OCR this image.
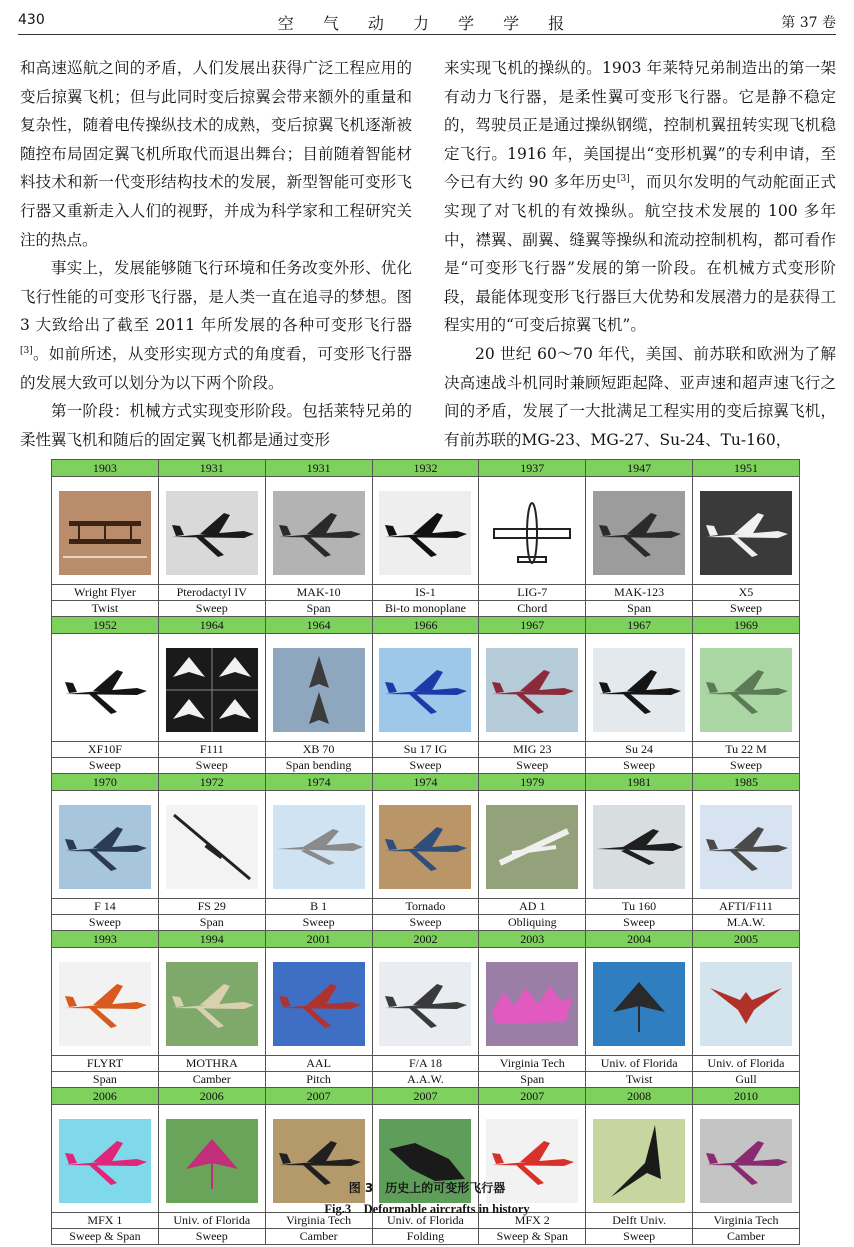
430	空 气 动 力 学 学 报	第 37 卷

和高速巡航之间的矛盾，人们发展出获得广泛工程应用的变后掠翼飞机；但与此同时变后掠翼会带来额外的重量和复杂性，随着电传操纵技术的成熟，变后掠翼飞机逐渐被随控布局固定翼飞机所取代而退出舞台；目前随着智能材料技术和新一代变形结构技术的发展，新型智能可变形飞行器又重新走入人们的视野，并成为科学家和工程研究关注的热点。

事实上，发展能够随飞行环境和任务改变外形、优化飞行性能的可变形飞行器，是人类一直在追寻的梦想。图 3 大致给出了截至 2011 年所发展的各种可变形飞行器[3]。如前所述，从变形实现方式的角度看，可变形飞行器的发展大致可以划分为以下两个阶段。

第一阶段：机械方式实现变形阶段。包括莱特兄弟的柔性翼飞机和随后的固定翼飞机都是通过变形

来实现飞机的操纵的。1903 年莱特兄弟制造出的第一架有动力飞行器，是柔性翼可变形飞行器。它是静不稳定的，驾驶员正是通过操纵钢缆，控制机翼扭转实现飞机稳定飞行。1916 年，美国提出“变形机翼”的专利申请，至今已有大约 90 多年历史[3]，而贝尔发明的气动舵面正式实现了对飞机的有效操纵。航空技术发展的 100 多年中，襟翼、副翼、缝翼等操纵和流动控制机构，都可看作是“可变形飞行器”发展的第一阶段。在机械方式变形阶段，最能体现变形飞行器巨大优势和发展潜力的是获得工程实用的“可变后掠翼飞机”。

20 世纪 60～70 年代，美国、前苏联和欧洲为了解决高速战斗机同时兼顾短距起降、亚声速和超声速飞行之间的矛盾，发展了一大批满足工程实用的变后掠翼飞机，有前苏联的MG-23、MG-27、Su-24、Tu-160，

1903	1931	1931	1932	1937	1947	1951

Wright Flyer	Pterodactyl IV	MAK-10	IS-1	LIG-7	MAK-123	X5
Twist	Sweep	Span	Bi-to monoplane	Chord	Span	Sweep
1952	1964	1964	1966	1967	1967	1969

XF10F	F111	XB 70	Su 17 IG	MIG 23	Su 24	Tu 22 M
Sweep	Sweep	Span bending	Sweep	Sweep	Sweep	Sweep
1970	1972	1974	1974	1979	1981	1985

F 14	FS 29	B 1	Tornado	AD 1	Tu 160	AFTI/F111
Sweep	Span	Sweep	Sweep	Obliquing	Sweep	M.A.W.
1993	1994	2001	2002	2003	2004	2005

FLYRT	MOTHRA	AAL	F/A 18	Virginia Tech	Univ. of Florida	Univ. of Florida
Span	Camber	Pitch	A.A.W.	Span	Twist	Gull
2006	2006	2007	2007	2007	2008	2010

MFX 1	Univ. of Florida	Virginia Tech	Univ. of Florida	MFX 2	Delft Univ.	Virginia Tech
Sweep & Span	Sweep	Camber	Folding	Sweep & Span	Sweep	Camber
图 3　历史上的可变形飞行器
Fig.3　Deformable aircrafts in history
